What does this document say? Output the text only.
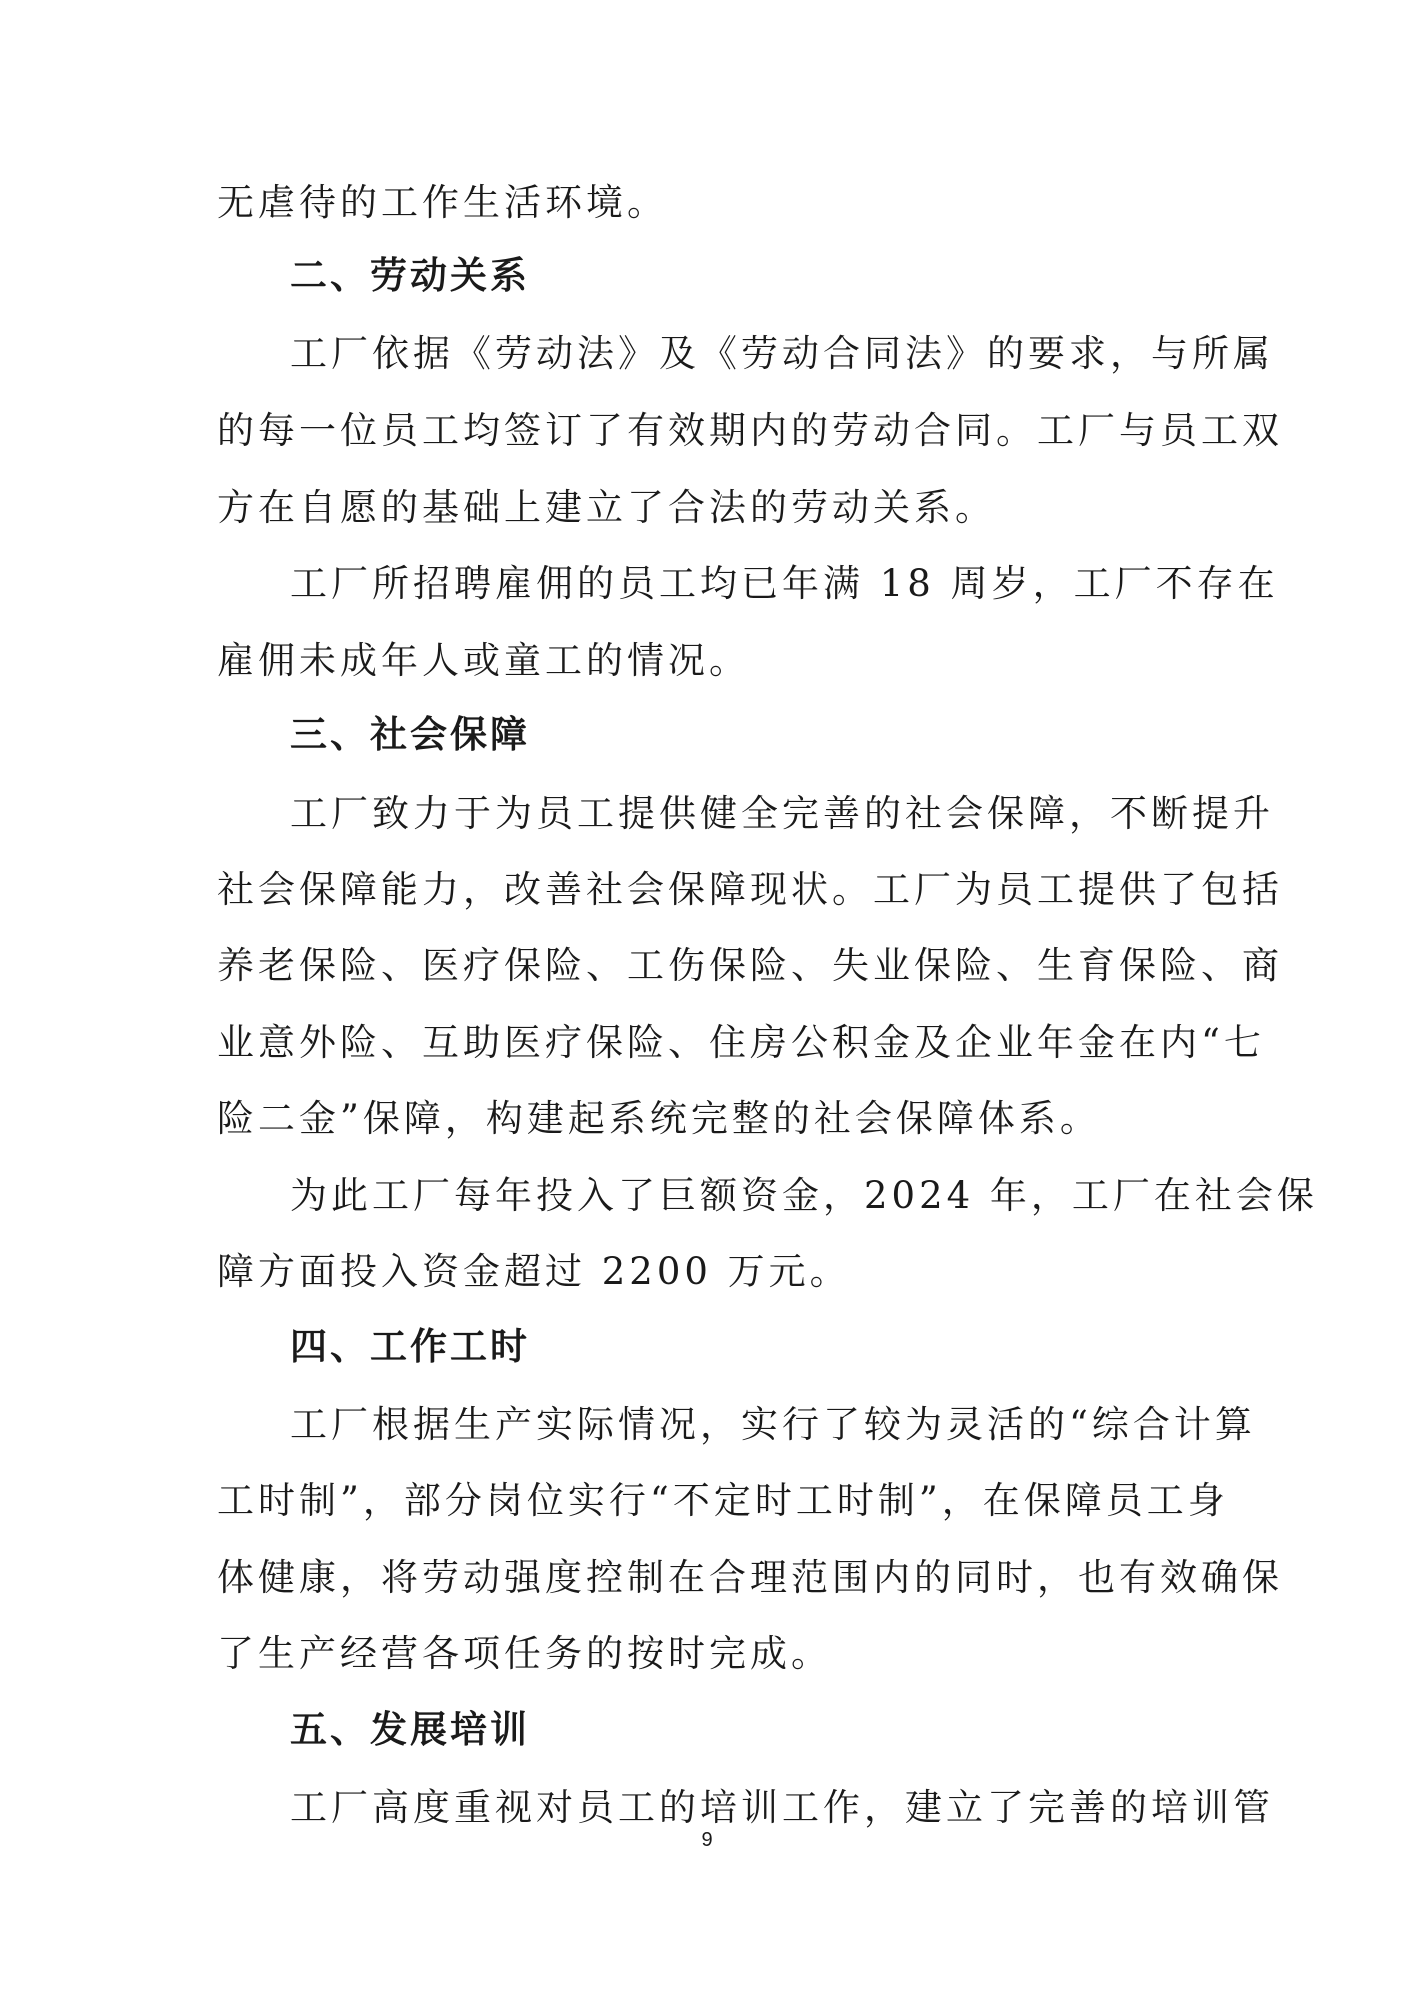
无虐待的工作生活环境。
二、劳动关系
工厂依据《劳动法》及《劳动合同法》的要求，与所属
的每一位员工均签订了有效期内的劳动合同。工厂与员工双
方在自愿的基础上建立了合法的劳动关系。
工厂所招聘雇佣的员工均已年满 18 周岁，工厂不存在
雇佣未成年人或童工的情况。
三、社会保障
工厂致力于为员工提供健全完善的社会保障，不断提升
社会保障能力，改善社会保障现状。工厂为员工提供了包括
养老保险、医疗保险、工伤保险、失业保险、生育保险、商
业意外险、互助医疗保险、住房公积金及企业年金在内“七
险二金”保障，构建起系统完整的社会保障体系。
为此工厂每年投入了巨额资金，2024 年，工厂在社会保
障方面投入资金超过 2200 万元。
四、工作工时
工厂根据生产实际情况，实行了较为灵活的“综合计算
工时制”，部分岗位实行“不定时工时制”，在保障员工身
体健康，将劳动强度控制在合理范围内的同时，也有效确保
了生产经营各项任务的按时完成。
五、发展培训
工厂高度重视对员工的培训工作，建立了完善的培训管
9
